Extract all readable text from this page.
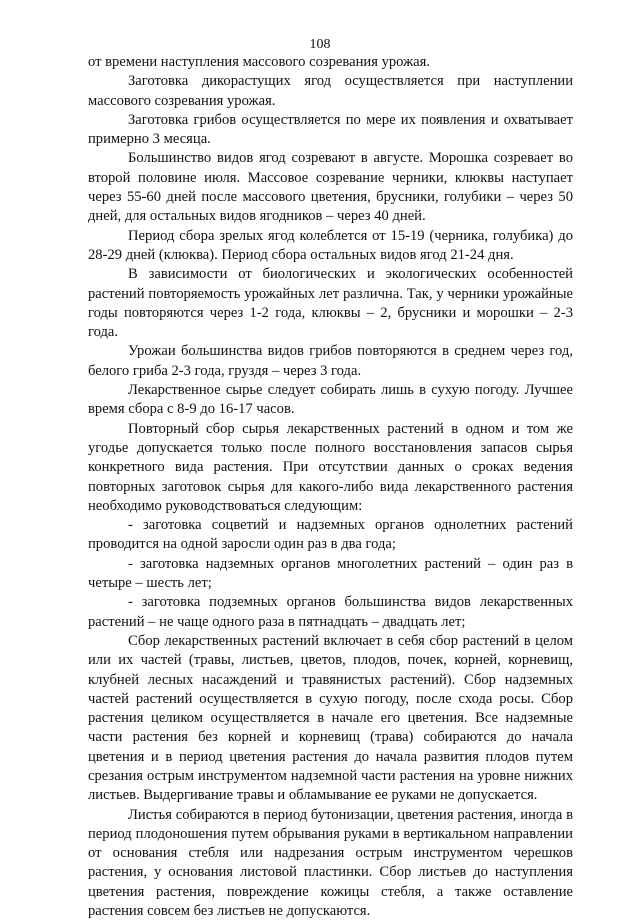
108

от времени наступления массового созревания урожая.

Заготовка дикорастущих ягод осуществляется при наступлении массового созревания урожая.

Заготовка грибов осуществляется по мере их появления и охватывает примерно 3 месяца.

Большинство видов ягод созревают в августе. Морошка созревает во второй половине июля. Массовое созревание черники, клюквы наступает через 55-60 дней после массового цветения, брусники, голубики – через 50 дней, для остальных видов ягодников – через 40 дней.

Период сбора зрелых ягод колеблется от 15-19 (черника, голубика) до 28-29 дней (клюква). Период сбора остальных видов ягод 21-24 дня.

В зависимости от биологических и экологических особенностей растений повторяемость урожайных лет различна. Так, у черники урожайные годы повторяются через 1-2 года, клюквы – 2, брусники и морошки – 2-3 года.

Урожаи большинства видов грибов повторяются в среднем через год, белого гриба 2-3 года, груздя – через 3 года.

Лекарственное сырье следует собирать лишь в сухую погоду. Лучшее время сбора с 8-9 до 16-17 часов.

Повторный сбор сырья лекарственных растений в одном и том же угодье допускается только после полного восстановления запасов сырья конкретного вида растения. При отсутствии данных о сроках ведения повторных заготовок сырья для какого-либо вида лекарственного растения необходимо руководствоваться следующим:

- заготовка соцветий и надземных органов однолетних растений проводится на одной заросли один раз в два года;

- заготовка надземных органов многолетних растений – один раз в четыре – шесть лет;

- заготовка подземных органов большинства видов лекарственных растений – не чаще одного раза в пятнадцать – двадцать лет;

Сбор лекарственных растений включает в себя сбор растений в целом или их частей (травы, листьев, цветов, плодов, почек, корней, корневищ, клубней лесных насаждений и травянистых растений). Сбор надземных частей растений осуществляется в сухую погоду, после схода росы. Сбор растения целиком осуществляется в начале его цветения. Все надземные части растения без корней и корневищ (трава) собираются до начала цветения и в период цветения растения до начала развития плодов путем срезания острым инструментом надземной части растения на уровне нижних листьев. Выдергивание травы и обламывание ее руками не допускается.

Листья собираются в период бутонизации, цветения растения, иногда в период плодоношения путем обрывания руками в вертикальном направлении от основания стебля или надрезания острым инструментом черешков растения, у основания листовой пластинки. Сбор листьев до наступления цветения растения, повреждение кожицы стебля, а также оставление растения совсем без листьев не допускаются.
